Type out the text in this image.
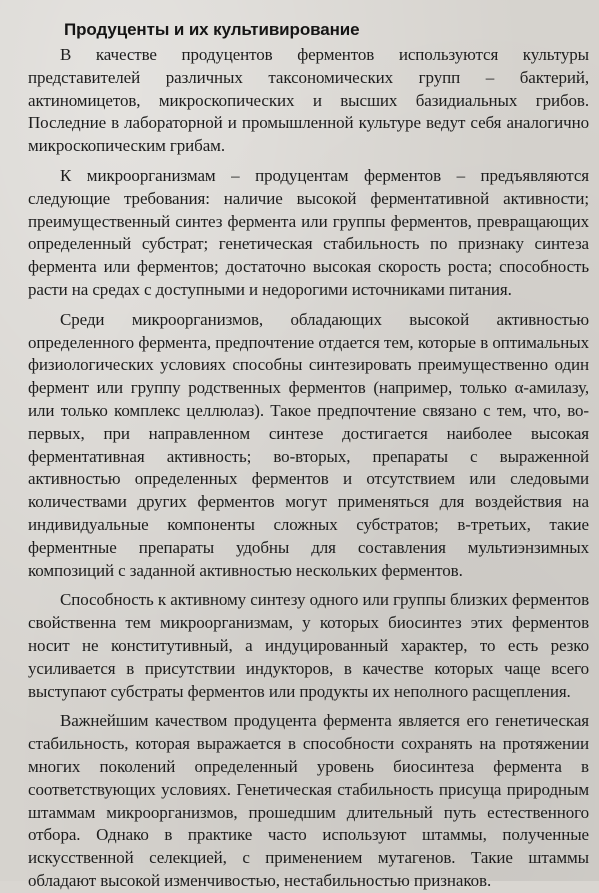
Продуценты и их культивирование

В качестве продуцентов ферментов используются культуры представителей различных таксономических групп – бактерий, актиномицетов, микроскопических и высших базидиальных грибов. Последние в лабораторной и промышленной культуре ведут себя аналогично микроскопическим грибам.

К микроорганизмам – продуцентам ферментов – предъявляются следующие требования: наличие высокой ферментативной активности; преимущественный синтез фермента или группы ферментов, превращающих определенный субстрат; генетическая стабильность по признаку синтеза фермента или ферментов; достаточно высокая скорость роста; способность расти на средах с доступными и недорогими источниками питания.

Среди микроорганизмов, обладающих высокой активностью определенного фермента, предпочтение отдается тем, которые в оптимальных физиологических условиях способны синтезировать преимущественно один фермент или группу родственных ферментов (например, только α-амилазу, или только комплекс целлюлаз). Такое предпочтение связано с тем, что, во-первых, при направленном синтезе достигается наиболее высокая ферментативная активность; во-вторых, препараты с выраженной активностью определенных ферментов и отсутствием или следовыми количествами других ферментов могут применяться для воздействия на индивидуальные компоненты сложных субстратов; в-третьих, такие ферментные препараты удобны для составления мультиэнзимных композиций с заданной активностью нескольких ферментов.

Способность к активному синтезу одного или группы близких ферментов свойственна тем микроорганизмам, у которых биосинтез этих ферментов носит не конститутивный, а индуцированный характер, то есть резко усиливается в присутствии индукторов, в качестве которых чаще всего выступают субстраты ферментов или продукты их неполного расщепления.

Важнейшим качеством продуцента фермента является его генетическая стабильность, которая выражается в способности сохранять на протяжении многих поколений определенный уровень биосинтеза фермента в соответствующих условиях. Генетическая стабильность присуща природным штаммам микроорганизмов, прошедшим длительный путь естественного отбора. Однако в практике часто используют штаммы, полученные искусственной селекцией, с применением мутагенов. Такие штаммы обладают высокой изменчивостью, нестабильностью признаков.
